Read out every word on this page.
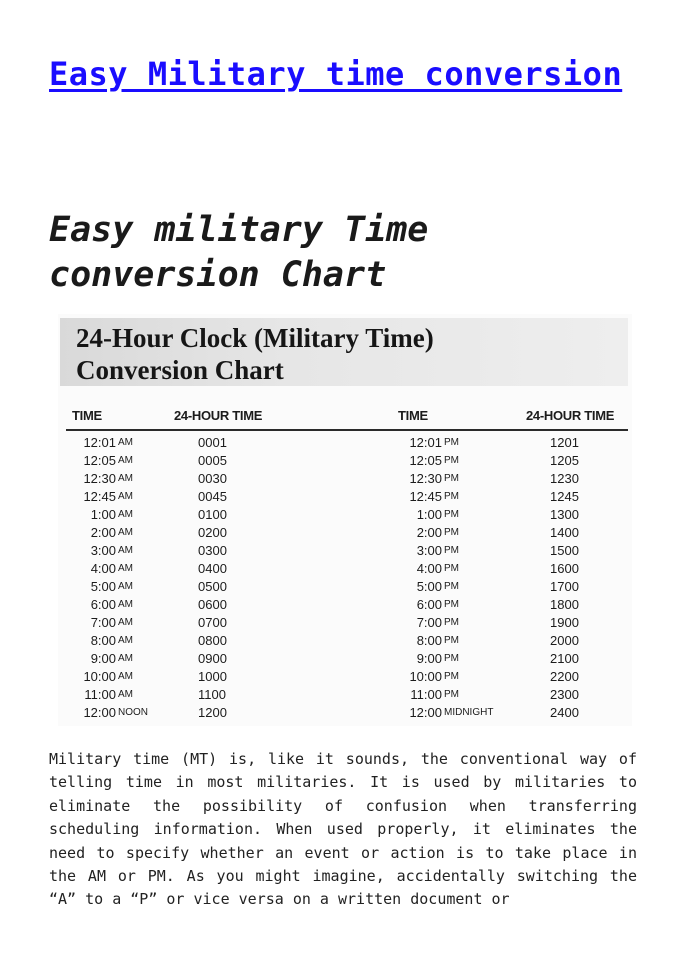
Easy Military time conversion
Easy military Time conversion Chart
24-Hour Clock (Military Time)
Conversion Chart
TIME	24-HOUR TIME	TIME	24-HOUR TIME
12:01 AM	0001	12:01 PM	1201
12:05 AM	0005	12:05 PM	1205
12:30 AM	0030	12:30 PM	1230
12:45 AM	0045	12:45 PM	1245
1:00 AM	0100	1:00 PM	1300
2:00 AM	0200	2:00 PM	1400
3:00 AM	0300	3:00 PM	1500
4:00 AM	0400	4:00 PM	1600
5:00 AM	0500	5:00 PM	1700
6:00 AM	0600	6:00 PM	1800
7:00 AM	0700	7:00 PM	1900
8:00 AM	0800	8:00 PM	2000
9:00 AM	0900	9:00 PM	2100
10:00 AM	1000	10:00 PM	2200
11:00 AM	1100	11:00 PM	2300
12:00 NOON	1200	12:00 MIDNIGHT	2400

Military time (MT) is, like it sounds, the conventional way of telling time in most militaries. It is used by militaries to eliminate the possibility of confusion when transferring scheduling information. When used properly, it eliminates the need to specify whether an event or action is to take place in the AM or PM. As you might imagine, accidentally switching the “A” to a “P” or vice versa on a written document or
